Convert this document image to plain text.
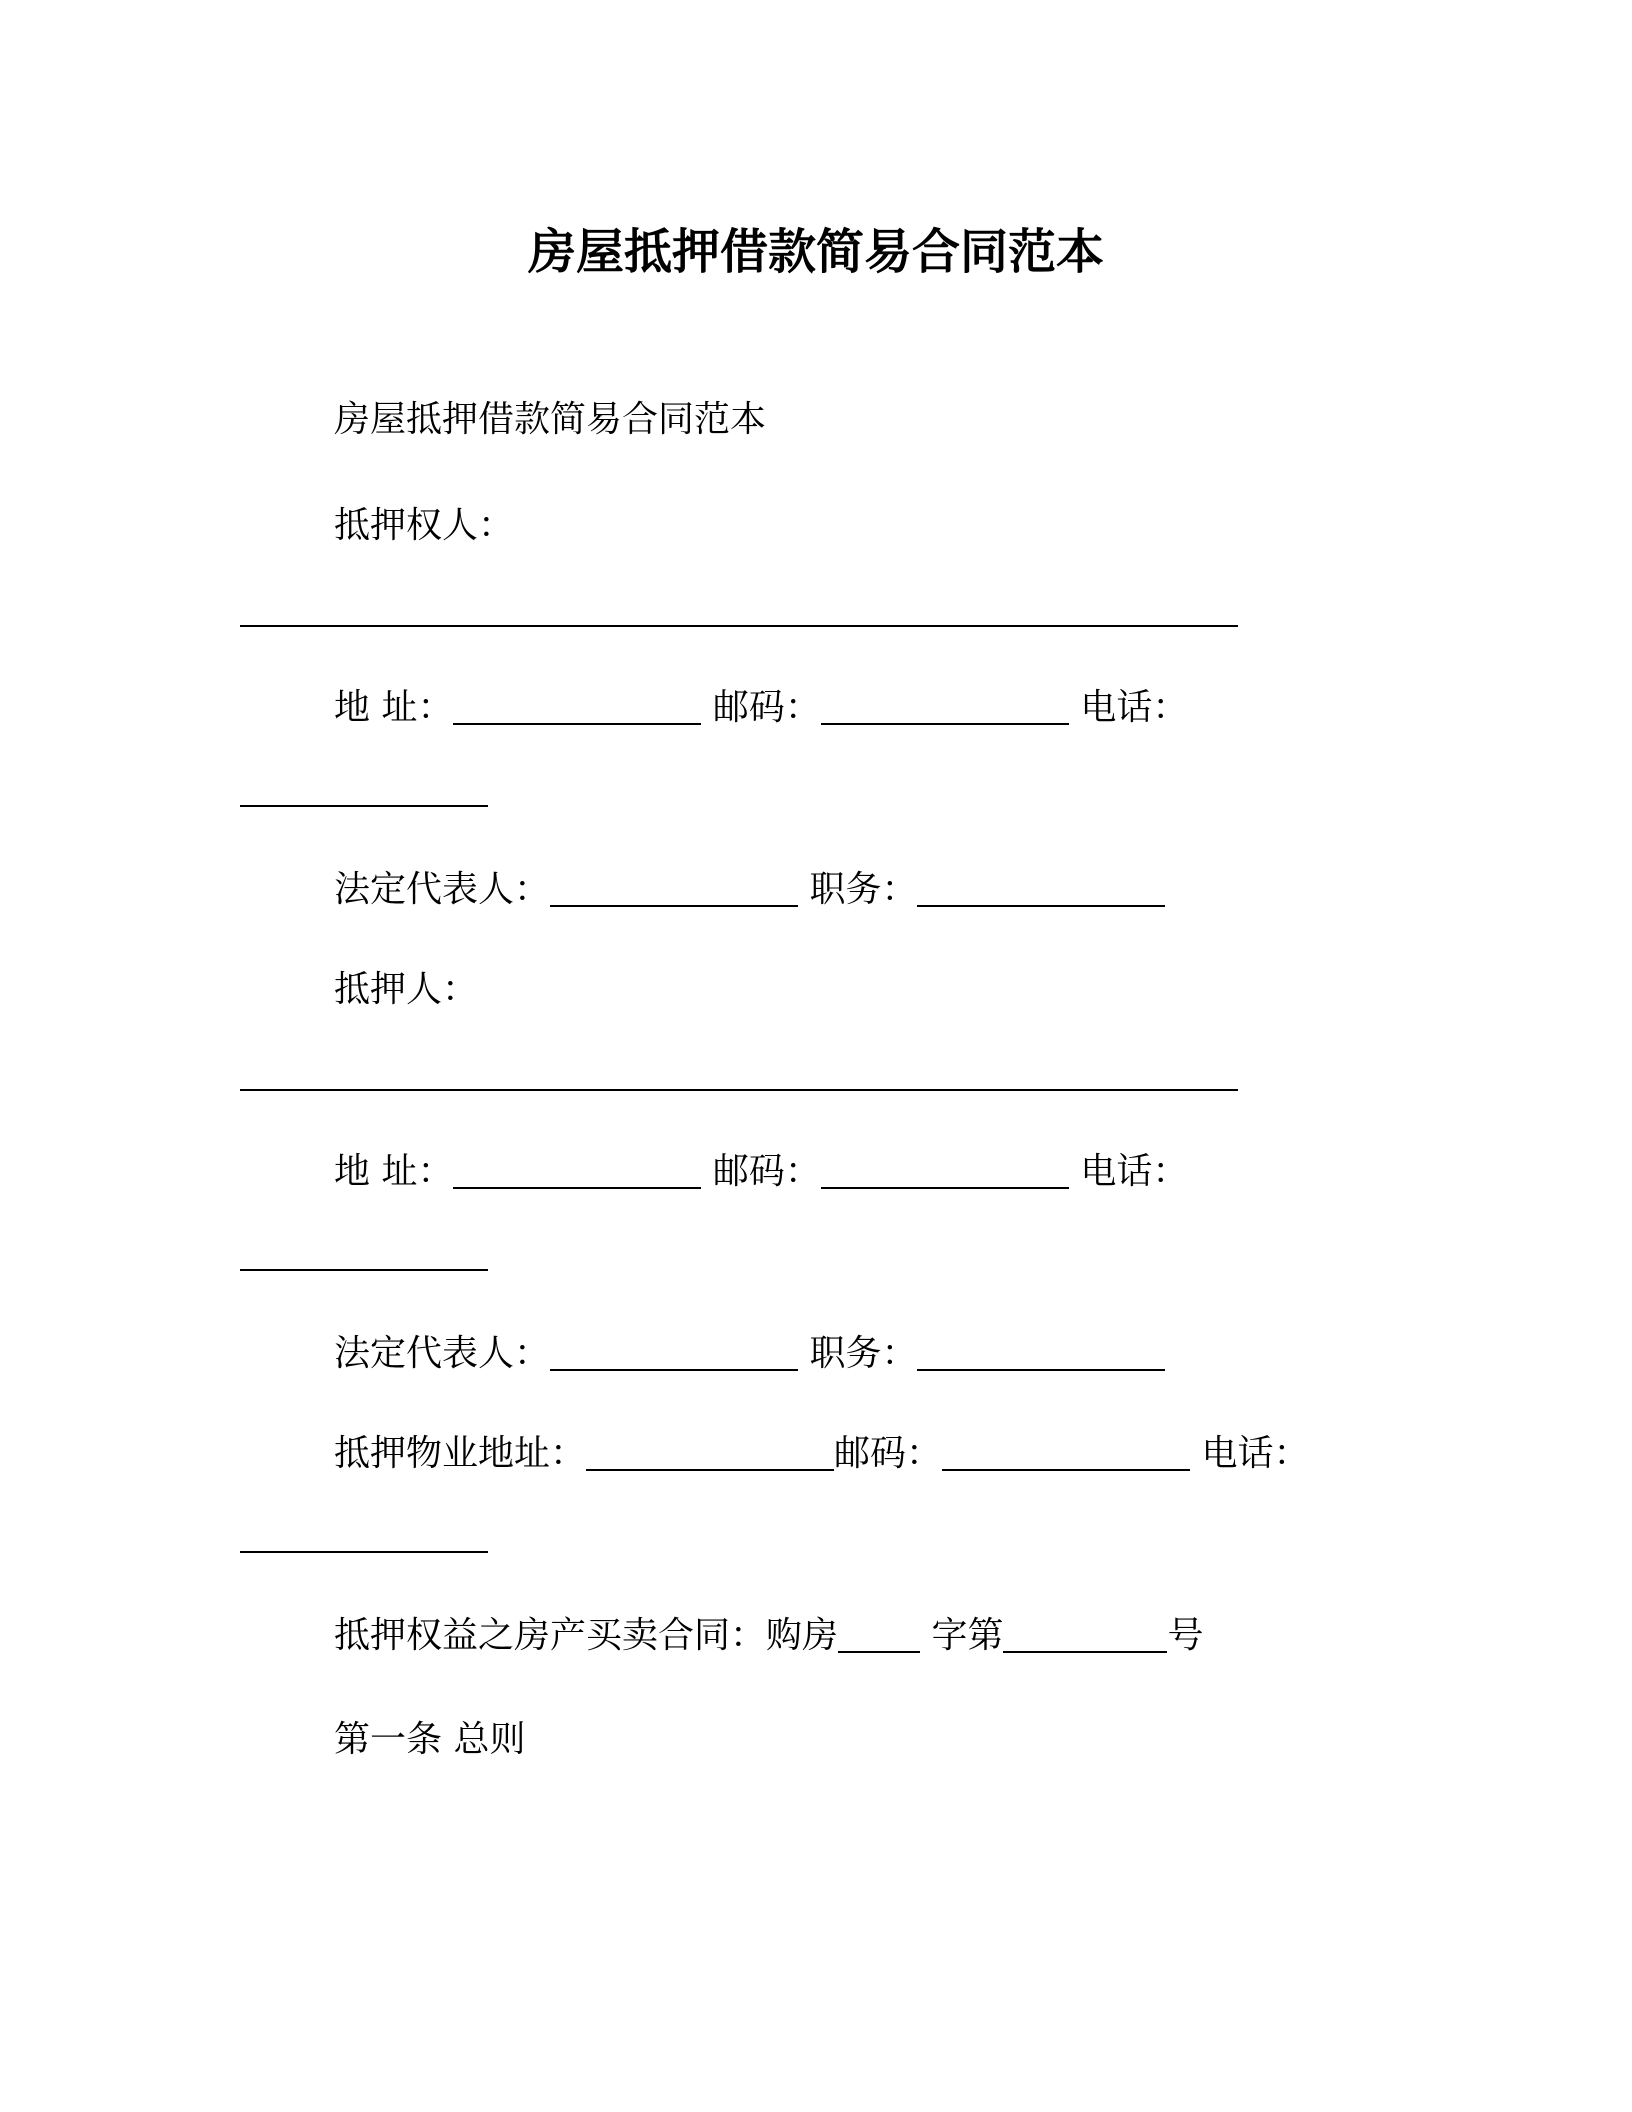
房屋抵押借款简易合同范本
房屋抵押借款简易合同范本
抵押权人：
地 址：	邮码：	电话：
法定代表人：	职务：
抵押人：
地 址：	邮码：	电话：
法定代表人：	职务：
抵押物业地址：	邮码：	电话：
抵押权益之房产买卖合同：购房	字第	号
第一条 总则
